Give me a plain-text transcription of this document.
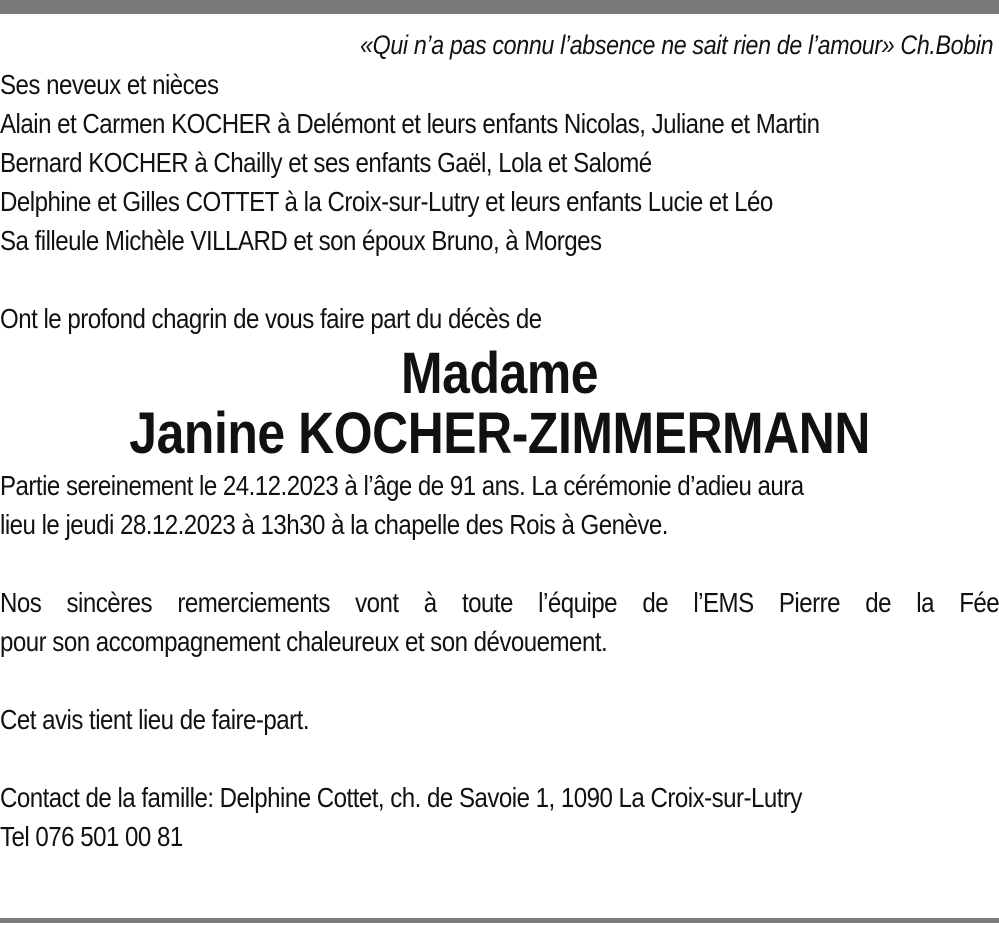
«Qui n’a pas connu l’absence ne sait rien de l’amour» Ch.Bobin
Ses neveux et nièces
Alain et Carmen KOCHER à Delémont et leurs enfants Nicolas, Juliane et Martin
Bernard KOCHER à Chailly et ses enfants Gaël, Lola et Salomé
Delphine et Gilles COTTET à la Croix-sur-Lutry et leurs enfants Lucie et Léo
Sa filleule Michèle VILLARD et son époux Bruno, à Morges
Ont le profond chagrin de vous faire part du décès de
Madame
Janine KOCHER-ZIMMERMANN
Partie sereinement le 24.12.2023 à l’âge de 91 ans. La cérémonie d’adieu aura
lieu le jeudi 28.12.2023 à 13h30 à la chapelle des Rois à Genève.
Nos sincères remerciements vont à toute l’équipe de l’EMS Pierre de la Fée
pour son accompagnement chaleureux et son dévouement.
Cet avis tient lieu de faire-part.
Contact de la famille: Delphine Cottet, ch. de Savoie 1, 1090 La Croix-sur-Lutry
Tel 076 501 00 81
